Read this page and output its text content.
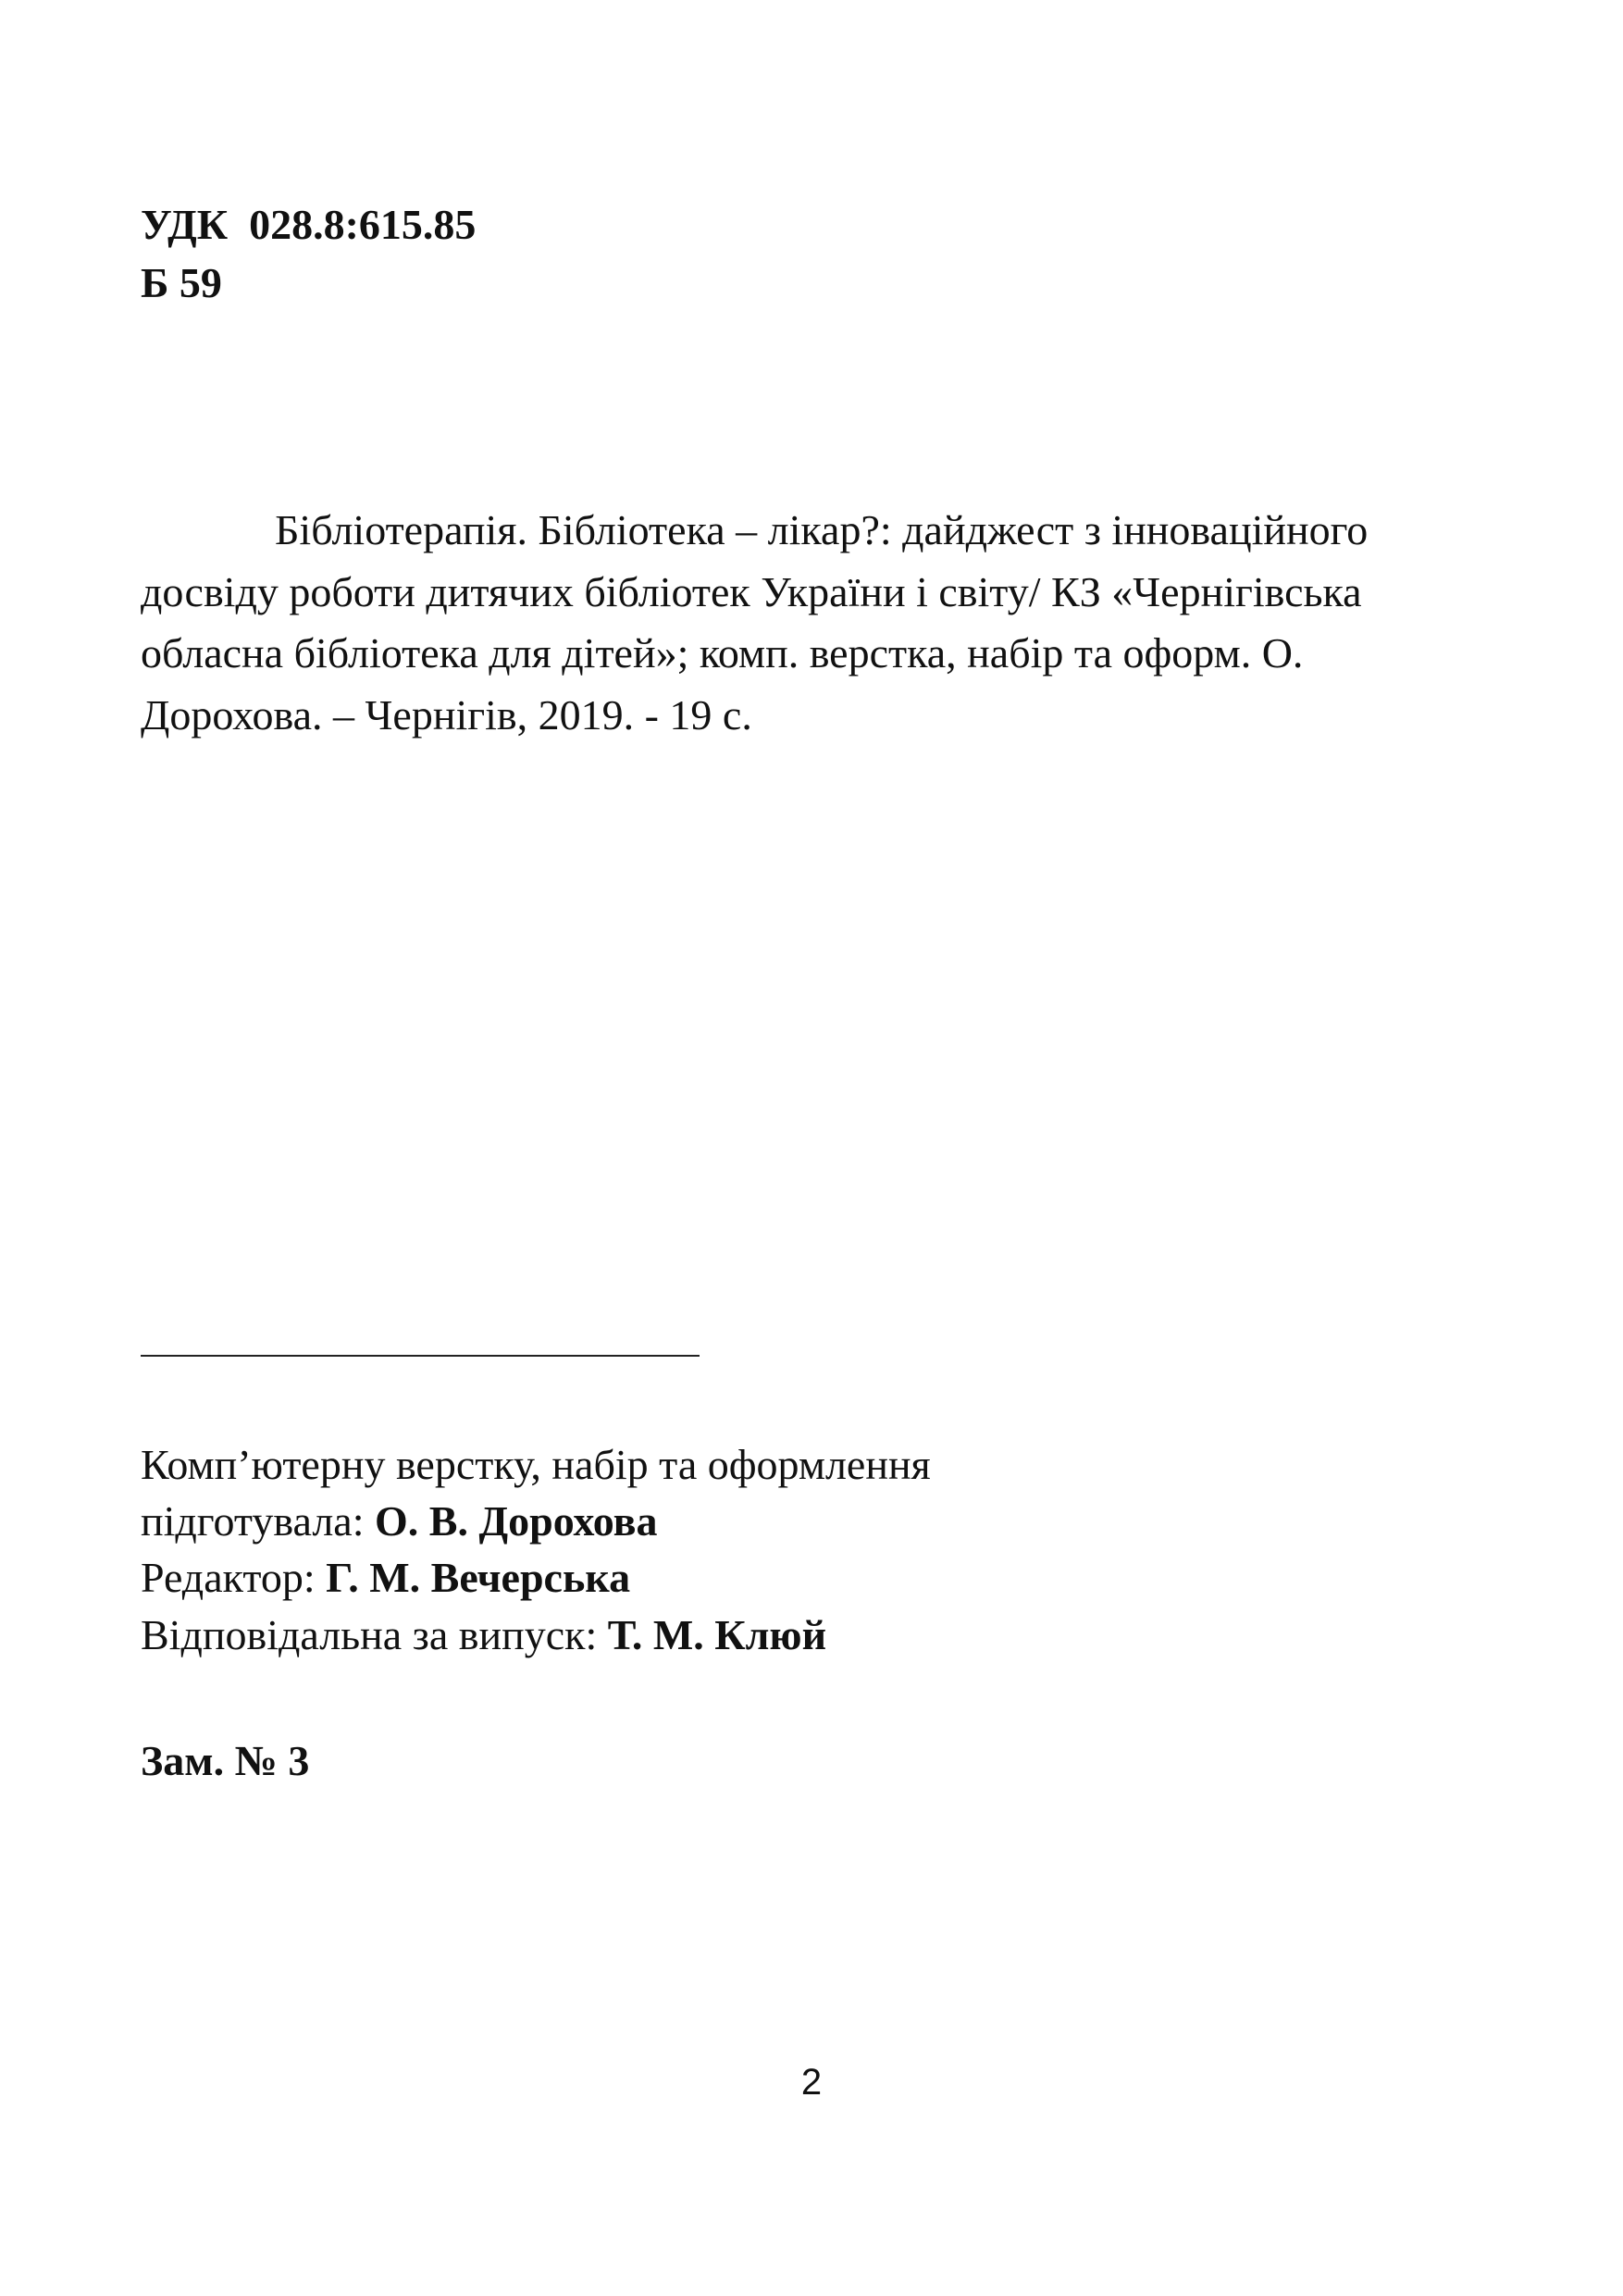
УДК  028.8:615.85
Б 59
Бібліотерапія. Бібліотека – лікар?: дайджест з інноваційного
досвіду роботи дитячих бібліотек України і світу/ КЗ «Чернігівська
обласна бібліотека для дітей»; комп. верстка, набір та оформ. О.
Дорохова. – Чернігів, 2019. - 19 с.
Комп’ютерну верстку, набір та оформлення
підготувала: О. В. Дорохова
Редактор: Г. М. Вечерська
Відповідальна за випуск: Т. М. Клюй
Зам. № 3
2
